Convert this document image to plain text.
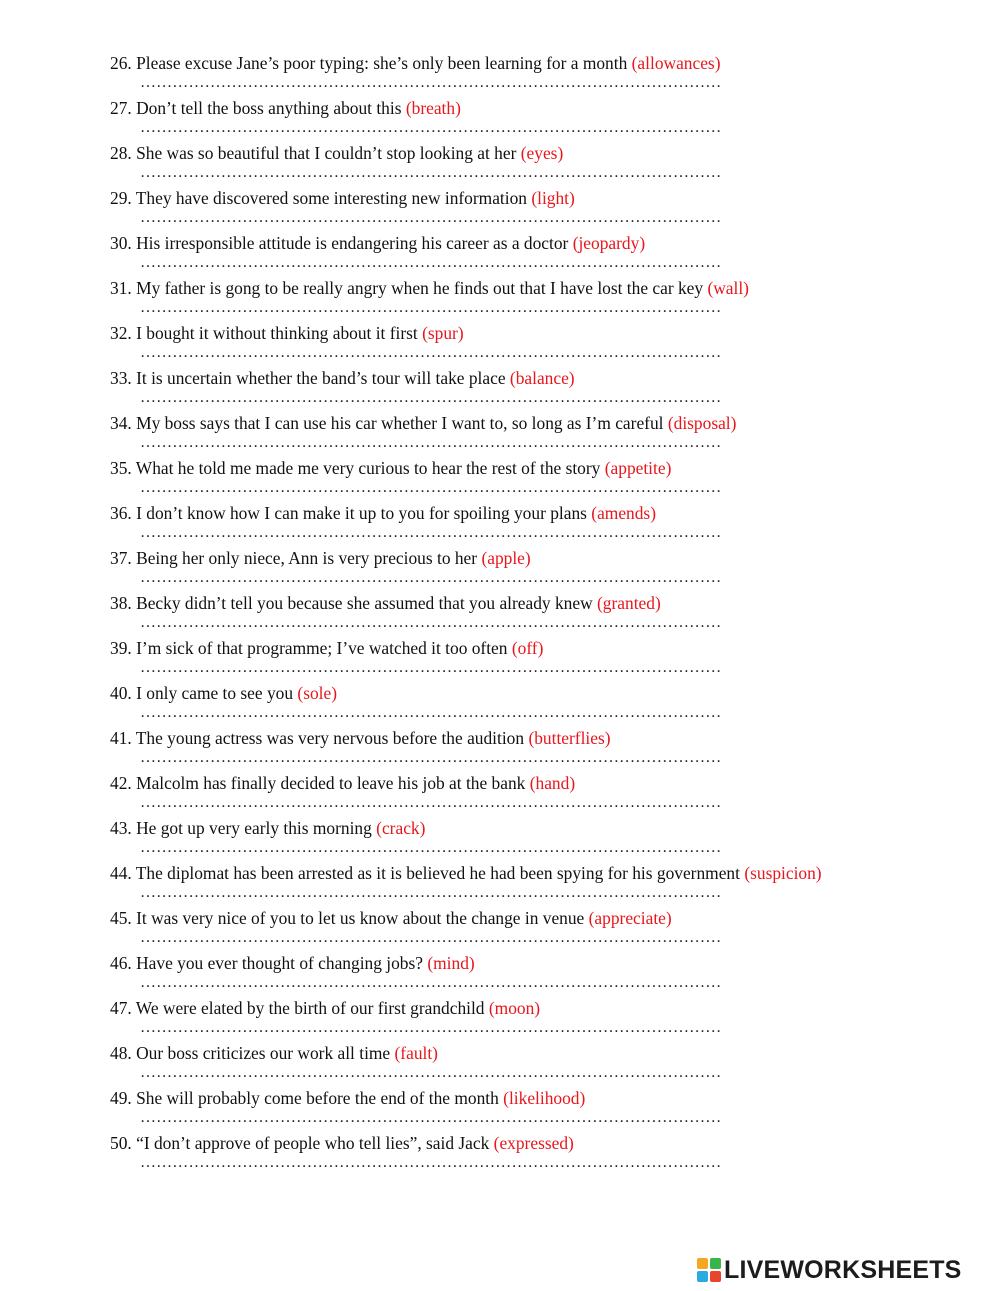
26. Please excuse Jane’s poor typing: she’s only been learning for a month (allowances)
………………………………………………………………………………………………
27. Don’t tell the boss anything about this (breath)
………………………………………………………………………………………………
28. She was so beautiful that I couldn’t stop looking at her (eyes)
………………………………………………………………………………………………
29. They have discovered some interesting new information (light)
………………………………………………………………………………………………
30. His irresponsible attitude is endangering his career as a doctor (jeopardy)
………………………………………………………………………………………………
31. My father is gong to be really angry when he finds out that I have lost the car key (wall)
………………………………………………………………………………………………
32. I bought it without thinking about it first (spur)
………………………………………………………………………………………………
33. It is uncertain whether the band’s tour will take place (balance)
………………………………………………………………………………………………
34. My boss says that I can use his car whether I want to, so long as I’m careful (disposal)
………………………………………………………………………………………………
35. What he told me made me very curious to hear the rest of the story (appetite)
………………………………………………………………………………………………
36. I don’t know how I can make it up to you for spoiling your plans (amends)
………………………………………………………………………………………………
37. Being her only niece, Ann is very precious to her (apple)
………………………………………………………………………………………………
38. Becky didn’t tell you because she assumed that you already knew (granted)
………………………………………………………………………………………………
39. I’m sick of that programme; I’ve watched it too often (off)
………………………………………………………………………………………………
40. I only came to see you (sole)
………………………………………………………………………………………………
41. The young actress was very nervous before the audition (butterflies)
………………………………………………………………………………………………
42. Malcolm has finally decided to leave his job at the bank (hand)
………………………………………………………………………………………………
43. He got up very early this morning (crack)
………………………………………………………………………………………………
44. The diplomat has been arrested as it is believed he had been spying for his government (suspicion)
………………………………………………………………………………………………
45. It was very nice of you to let us know about the change in venue (appreciate)
………………………………………………………………………………………………
46. Have you ever thought of changing jobs? (mind)
………………………………………………………………………………………………
47. We were elated by the birth of our first grandchild (moon)
………………………………………………………………………………………………
48. Our boss criticizes our work all time (fault)
………………………………………………………………………………………………
49. She will probably come before the end of the month (likelihood)
………………………………………………………………………………………………
50. “I don’t approve of people who tell lies”, said Jack (expressed)
………………………………………………………………………………………………
LIVEWORKSHEETS
